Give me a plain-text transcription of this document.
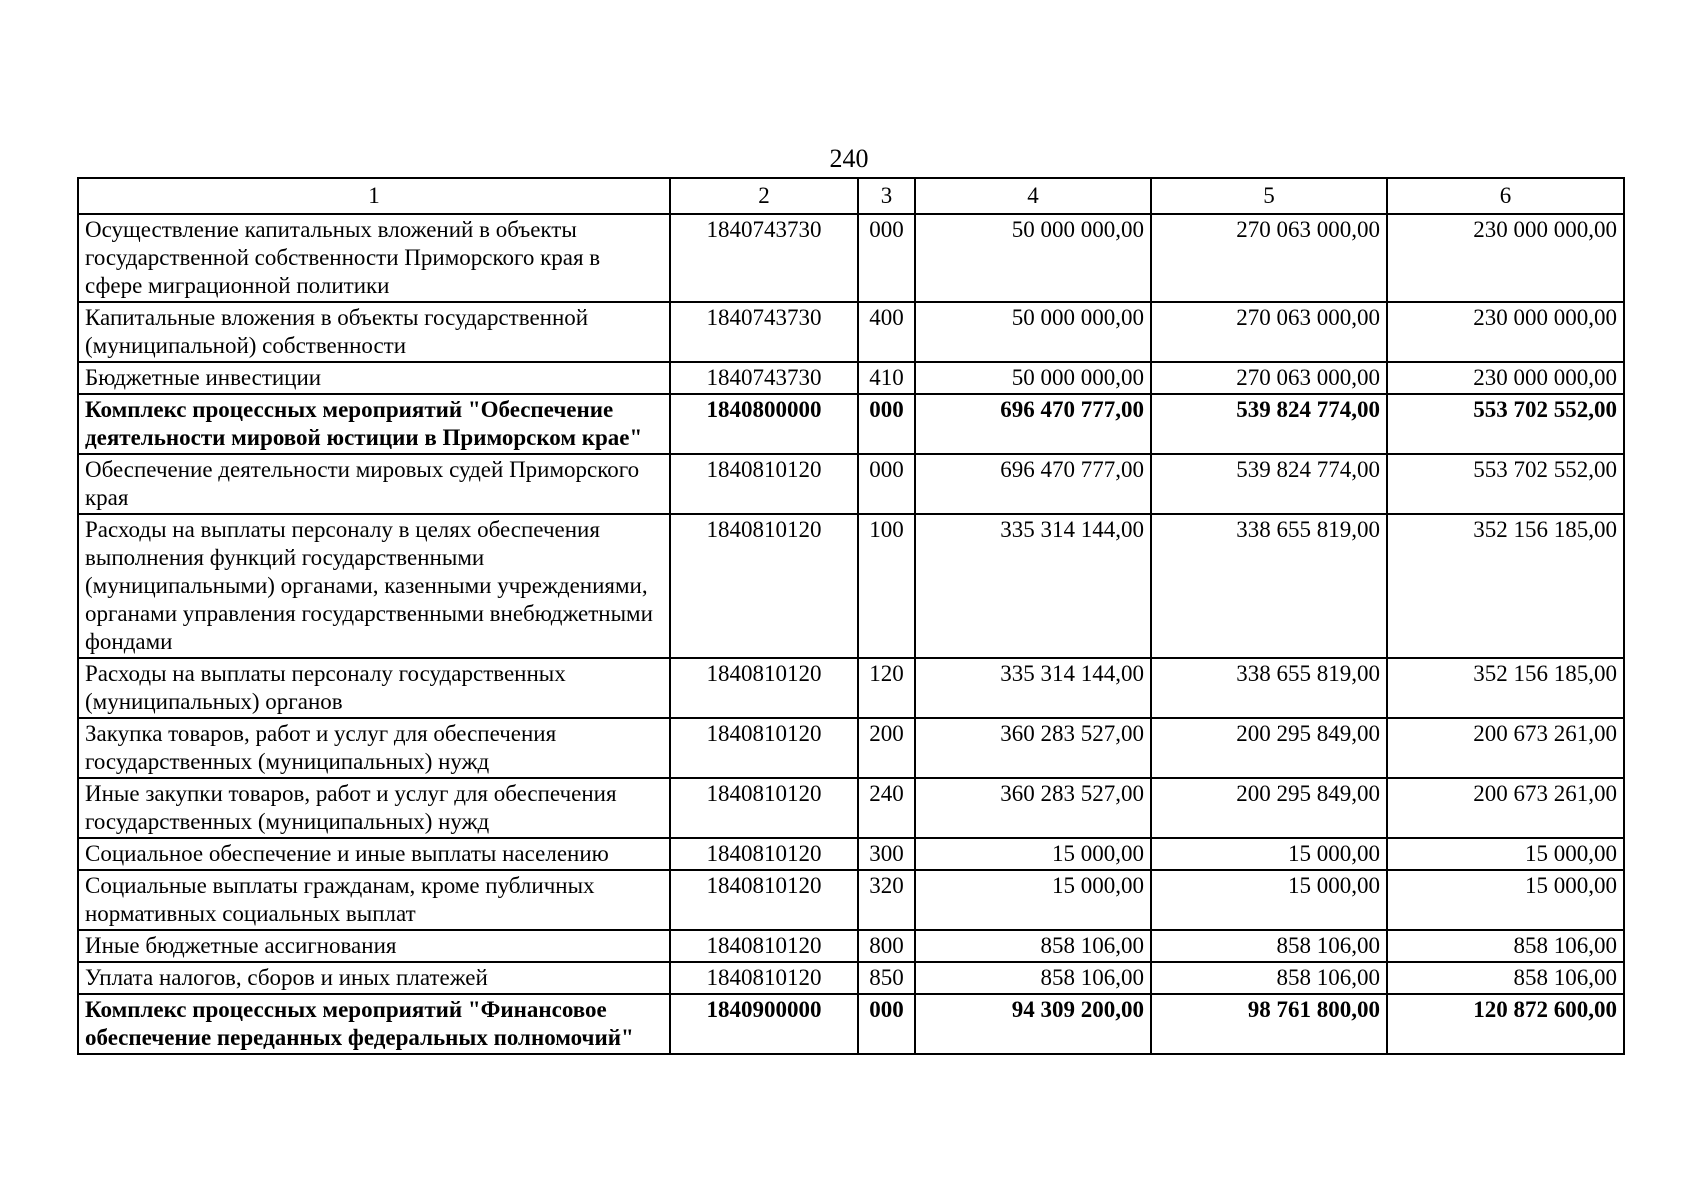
240
1	2	3	4	5	6
Осуществление капитальных вложений в объекты государственной собственности Приморского края в сфере миграционной политики	1840743730	000	50 000 000,00	270 063 000,00	230 000 000,00
Капитальные вложения в объекты государственной (муниципальной) собственности	1840743730	400	50 000 000,00	270 063 000,00	230 000 000,00
Бюджетные инвестиции	1840743730	410	50 000 000,00	270 063 000,00	230 000 000,00
Комплекс процессных мероприятий "Обеспечение деятельности мировой юстиции в Приморском крае"	1840800000	000	696 470 777,00	539 824 774,00	553 702 552,00
Обеспечение деятельности мировых судей Приморского края	1840810120	000	696 470 777,00	539 824 774,00	553 702 552,00
Расходы на выплаты персоналу в целях обеспечения выполнения функций государственными (муниципальными) органами, казенными учреждениями, органами управления государственными внебюджетными фондами	1840810120	100	335 314 144,00	338 655 819,00	352 156 185,00
Расходы на выплаты персоналу государственных (муниципальных) органов	1840810120	120	335 314 144,00	338 655 819,00	352 156 185,00
Закупка товаров, работ и услуг для обеспечения государственных (муниципальных) нужд	1840810120	200	360 283 527,00	200 295 849,00	200 673 261,00
Иные закупки товаров, работ и услуг для обеспечения государственных (муниципальных) нужд	1840810120	240	360 283 527,00	200 295 849,00	200 673 261,00
Социальное обеспечение и иные выплаты населению	1840810120	300	15 000,00	15 000,00	15 000,00
Социальные выплаты гражданам, кроме публичных нормативных социальных выплат	1840810120	320	15 000,00	15 000,00	15 000,00
Иные бюджетные ассигнования	1840810120	800	858 106,00	858 106,00	858 106,00
Уплата налогов, сборов и иных платежей	1840810120	850	858 106,00	858 106,00	858 106,00
Комплекс процессных мероприятий "Финансовое обеспечение переданных федеральных полномочий"	1840900000	000	94 309 200,00	98 761 800,00	120 872 600,00
